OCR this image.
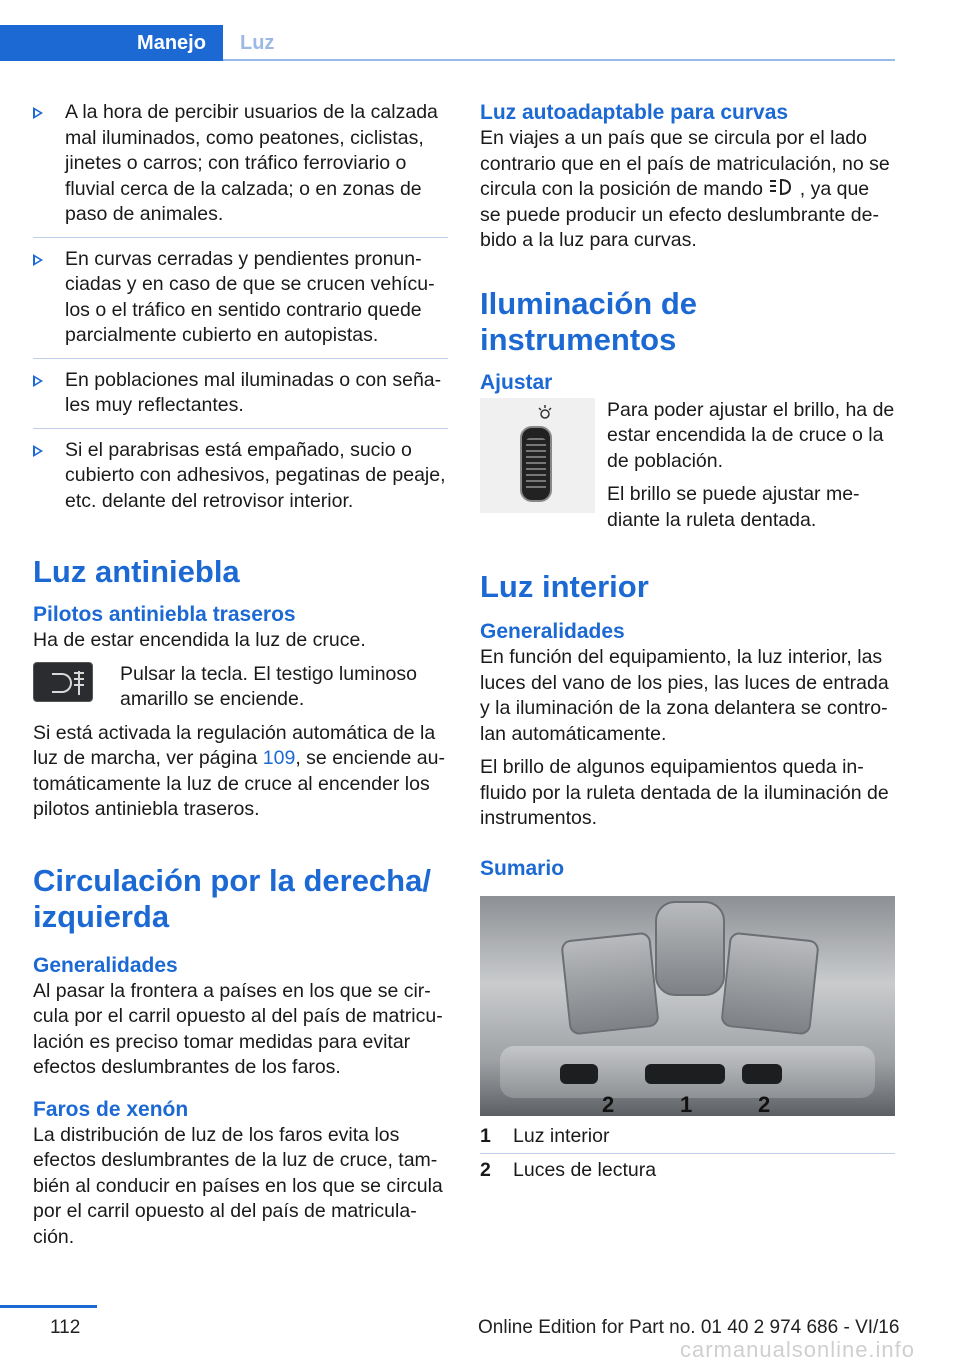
Manejo	Luz
A la hora de percibir usuarios de la calzada mal iluminados, como peatones, ciclistas, jinetes o carros; con tráfico ferroviario o fluvial cerca de la calzada; o en zonas de paso de animales.
En curvas cerradas y pendientes pronunciadas y en caso de que se crucen vehículos o el tráfico en sentido contrario quede parcialmente cubierto en autopistas.
En poblaciones mal iluminadas o con señales muy reflectantes.
Si el parabrisas está empañado, sucio o cubierto con adhesivos, pegatinas de peaje, etc. delante del retrovisor interior.
Luz antiniebla
Pilotos antiniebla traseros

Ha de estar encendida la luz de cruce.

Pulsar la tecla. El testigo luminoso amarillo se enciende.

Si está activada la regulación automática de la luz de marcha, ver página 109, se enciende automáticamente la luz de cruce al encender los pilotos antiniebla traseros.

Circulación por la derecha/ izquierda
Generalidades

Al pasar la frontera a países en los que se circula por el carril opuesto al del país de matriculación es preciso tomar medidas para evitar efectos deslumbrantes de los faros.

Faros de xenón

La distribución de luz de los faros evita los efectos deslumbrantes de la luz de cruce, también al conducir en países en los que se circula por el carril opuesto al del país de matriculación.

Luz autoadaptable para curvas

En viajes a un país que se circula por el lado contrario que en el país de matriculación, no se circula con la posición de mando  , ya que se puede producir un efecto deslumbrante debido a la luz para curvas.

Iluminación de instrumentos
Ajustar

Para poder ajustar el brillo, ha de estar encendida la de cruce o la de población.

El brillo se puede ajustar mediante la ruleta dentada.

Luz interior
Generalidades

En función del equipamiento, la luz interior, las luces del vano de los pies, las luces de entrada y la iluminación de la zona delantera se controlan automáticamente.

El brillo de algunos equipamientos queda influido por la ruleta dentada de la iluminación de instrumentos.

Sumario
2	1	2
1	Luz interior
2	Luces de lectura
112	Online Edition for Part no. 01 40 2 974 686 - VI/16
carmanualsonline.info
